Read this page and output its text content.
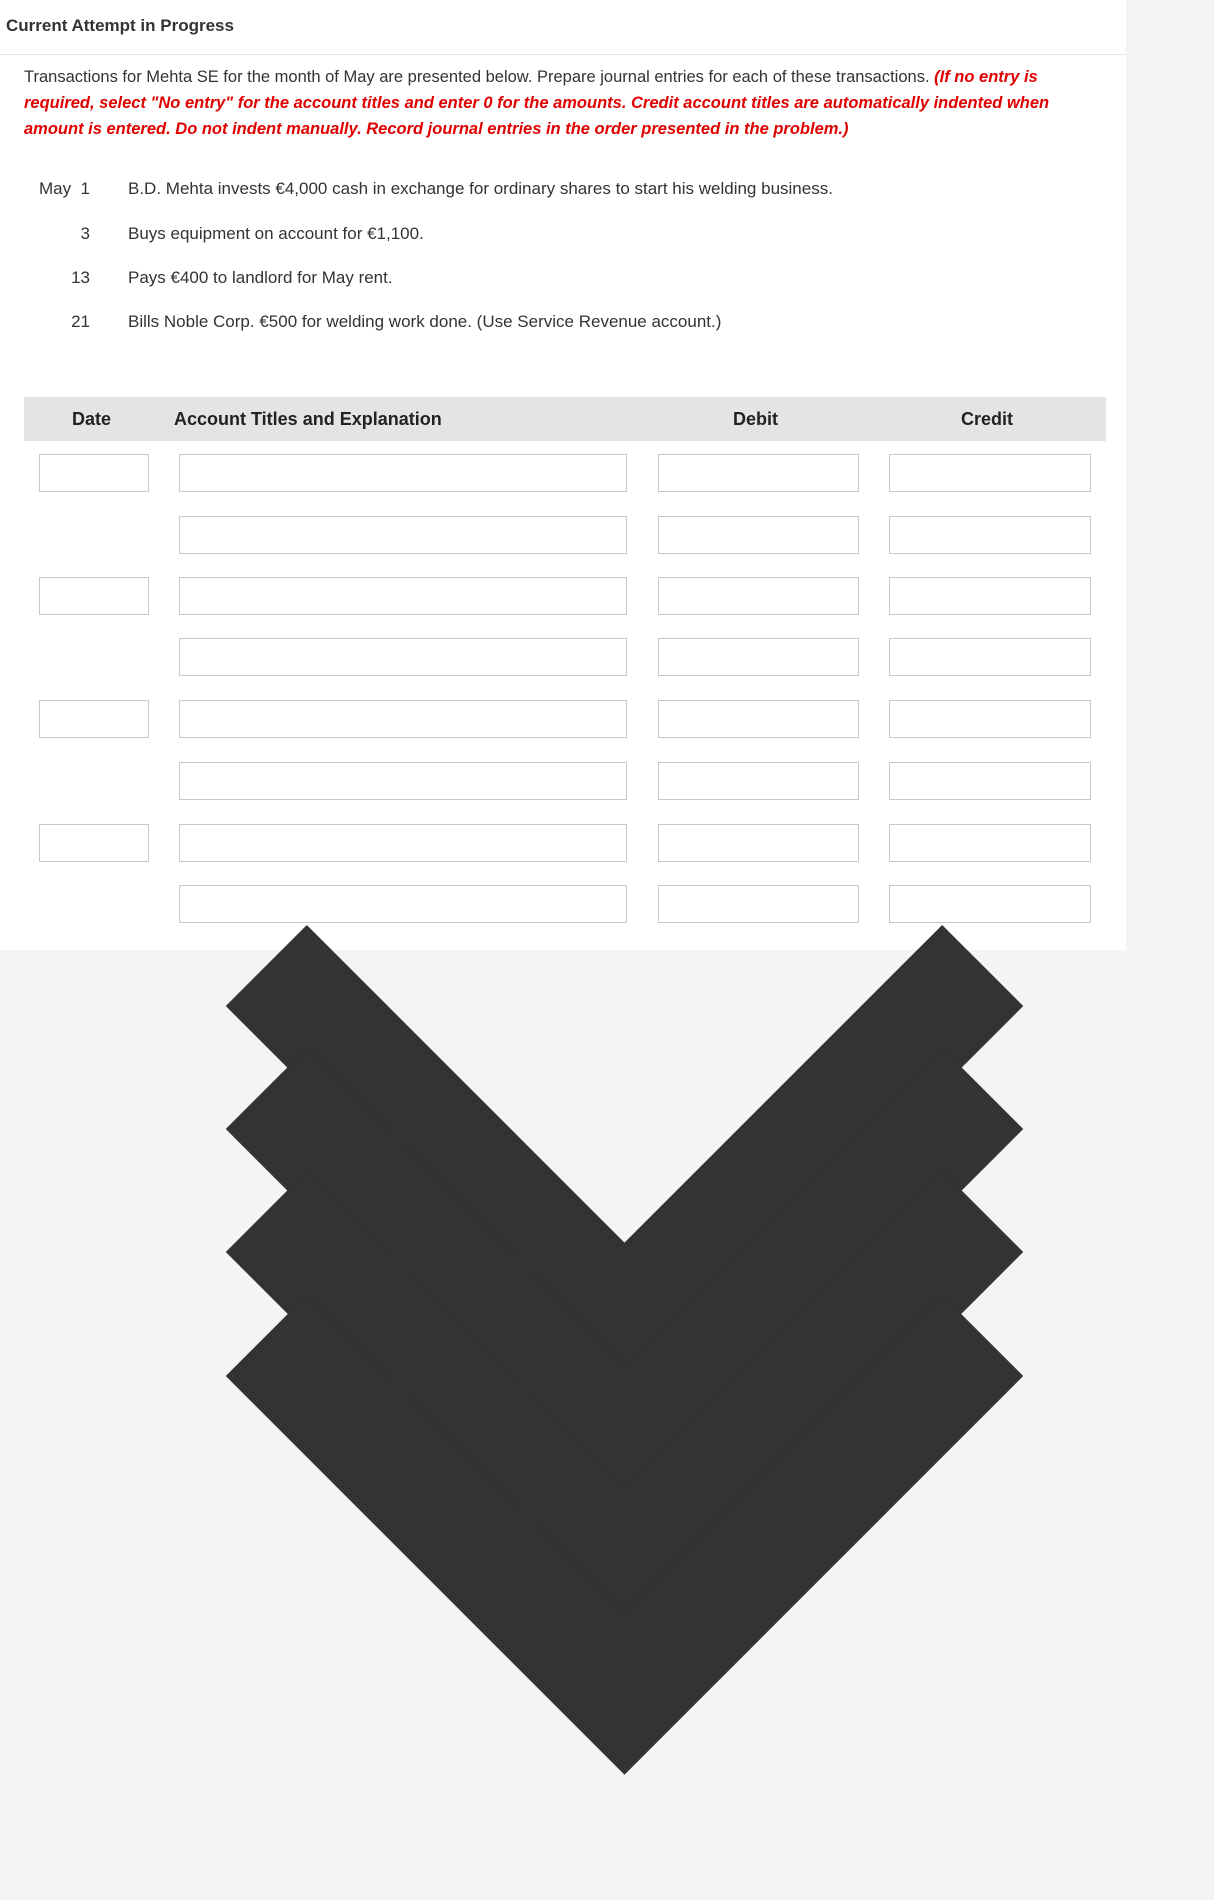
Current Attempt in Progress
Transactions for Mehta SE for the month of May are presented below. Prepare journal entries for each of these transactions. (If no entry is required, select "No entry" for the account titles and enter 0 for the amounts. Credit account titles are automatically indented when amount is entered. Do not indent manually. Record journal entries in the order presented in the problem.)
May  1 B.D. Mehta invests €4,000 cash in exchange for ordinary shares to start his welding business.
3 Buys equipment on account for €1,100.
13 Pays €400 to landlord for May rent.
21 Bills Noble Corp. €500 for welding work done. (Use Service Revenue account.)
Date	Account Titles and Explanation	Debit	Credit
